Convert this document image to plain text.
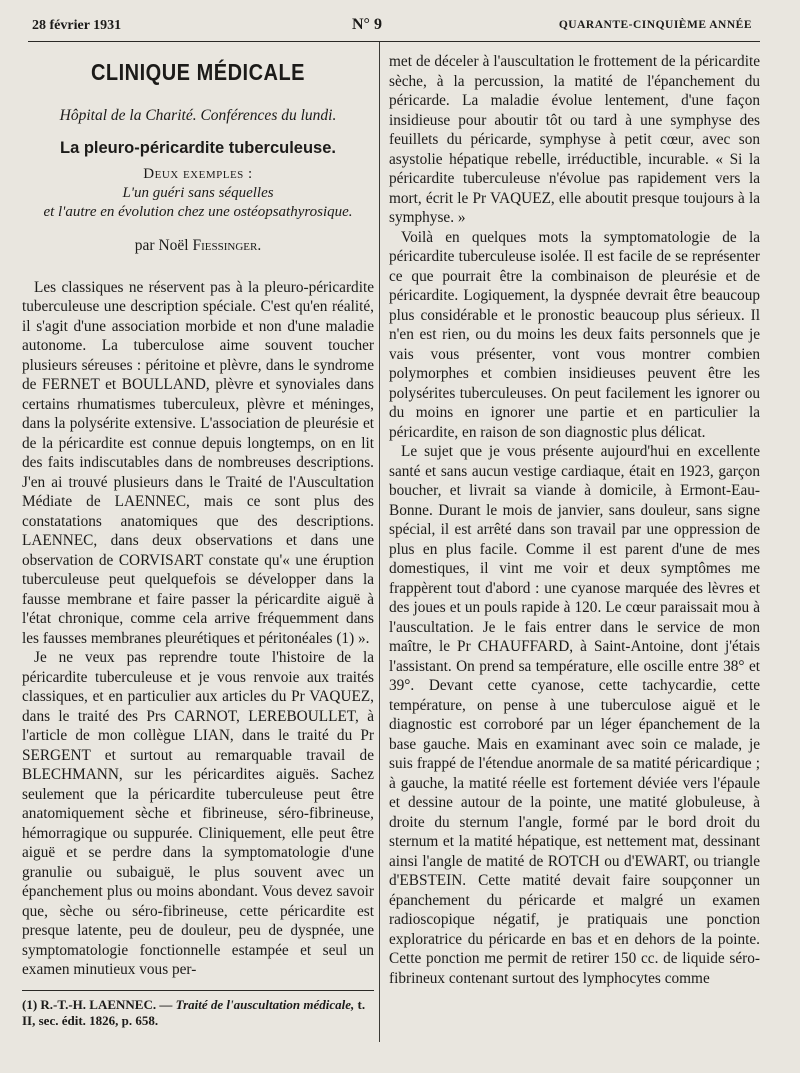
28 février 1931	N° 9	QUARANTE-CINQUIÈME ANNÉE
CLINIQUE MÉDICALE
Hôpital de la Charité. Conférences du lundi.
La pleuro-péricardite tuberculeuse.
Deux exemples :
L'un guéri sans séquelles
et l'autre en évolution chez une ostéopsathyrosique.
par Noël Fiessinger.

Les classiques ne réservent pas à la pleuro-péricardite tuberculeuse une description spéciale. C'est qu'en réalité, il s'agit d'une association morbide et non d'une maladie autonome. La tuberculose aime souvent toucher plusieurs séreuses : péritoine et plèvre, dans le syndrome de FERNET et BOULLAND, plèvre et synoviales dans certains rhumatismes tuberculeux, plèvre et méninges, dans la polysérite extensive. L'association de pleurésie et de la péricardite est connue depuis longtemps, on en lit des faits indiscutables dans de nombreuses descriptions. J'en ai trouvé plusieurs dans le Traité de l'Auscultation Médiate de LAENNEC, mais ce sont plus des constatations anatomiques que des descriptions. LAENNEC, dans deux observations et dans une observation de CORVISART constate qu'« une éruption tuberculeuse peut quelquefois se développer dans la fausse membrane et faire passer la péricardite aiguë à l'état chronique, comme cela arrive fréquemment dans les fausses membranes pleurétiques et péritonéales (1) ».

Je ne veux pas reprendre toute l'histoire de la péricardite tuberculeuse et je vous renvoie aux traités classiques, et en particulier aux articles du Pr VAQUEZ, dans le traité des Prs CARNOT, LEREBOULLET, à l'article de mon collègue LIAN, dans le traité du Pr SERGENT et surtout au remarquable travail de BLECHMANN, sur les péricardites aiguës. Sachez seulement que la péricardite tuberculeuse peut être anatomiquement sèche et fibrineuse, séro-fibrineuse, hémorragique ou suppurée. Cliniquement, elle peut être aiguë et se perdre dans la symptomatologie d'une granulie ou subaiguë, le plus souvent avec un épanchement plus ou moins abondant. Vous devez savoir que, sèche ou séro-fibrineuse, cette péricardite est presque latente, peu de douleur, peu de dyspnée, une symptomatologie fonctionnelle estampée et seul un examen minutieux vous per-

(1) R.-T.-H. LAENNEC. — Traité de l'auscultation médicale, t. II, sec. édit. 1826, p. 658.

met de déceler à l'auscultation le frottement de la péricardite sèche, à la percussion, la matité de l'épanchement du péricarde. La maladie évolue lentement, d'une façon insidieuse pour aboutir tôt ou tard à une symphyse des feuillets du péricarde, symphyse à petit cœur, avec son asystolie hépatique rebelle, irréductible, incurable. « Si la péricardite tuberculeuse n'évolue pas rapidement vers la mort, écrit le Pr VAQUEZ, elle aboutit presque toujours à la symphyse. »

Voilà en quelques mots la symptomatologie de la péricardite tuberculeuse isolée. Il est facile de se représenter ce que pourrait être la combinaison de pleurésie et de péricardite. Logiquement, la dyspnée devrait être beaucoup plus considérable et le pronostic beaucoup plus sérieux. Il n'en est rien, ou du moins les deux faits personnels que je vais vous présenter, vont vous montrer combien polymorphes et combien insidieuses peuvent être les polysérites tuberculeuses. On peut facilement les ignorer ou du moins en ignorer une partie et en particulier la péricardite, en raison de son diagnostic plus délicat.

Le sujet que je vous présente aujourd'hui en excellente santé et sans aucun vestige cardiaque, était en 1923, garçon boucher, et livrait sa viande à domicile, à Ermont-Eau-Bonne. Durant le mois de janvier, sans douleur, sans signe spécial, il est arrêté dans son travail par une oppression de plus en plus facile. Comme il est parent d'une de mes domestiques, il vint me voir et deux symptômes me frappèrent tout d'abord : une cyanose marquée des lèvres et des joues et un pouls rapide à 120. Le cœur paraissait mou à l'auscultation. Je le fais entrer dans le service de mon maître, le Pr CHAUFFARD, à Saint-Antoine, dont j'étais l'assistant. On prend sa température, elle oscille entre 38° et 39°. Devant cette cyanose, cette tachycardie, cette température, on pense à une tuberculose aiguë et le diagnostic est corroboré par un léger épanchement de la base gauche. Mais en examinant avec soin ce malade, je suis frappé de l'étendue anormale de sa matité péricardique ; à gauche, la matité réelle est fortement déviée vers l'épaule et dessine autour de la pointe, une matité globuleuse, à droite du sternum l'angle, formé par le bord droit du sternum et la matité hépatique, est nettement mat, dessinant ainsi l'angle de matité de ROTCH ou d'EWART, ou triangle d'EBSTEIN. Cette matité devait faire soupçonner un épanchement du péricarde et malgré un examen radioscopique négatif, je pratiquais une ponction exploratrice du péricarde en bas et en dehors de la pointe. Cette ponction me permit de retirer 150 cc. de liquide séro-fibrineux contenant surtout des lymphocytes comme
